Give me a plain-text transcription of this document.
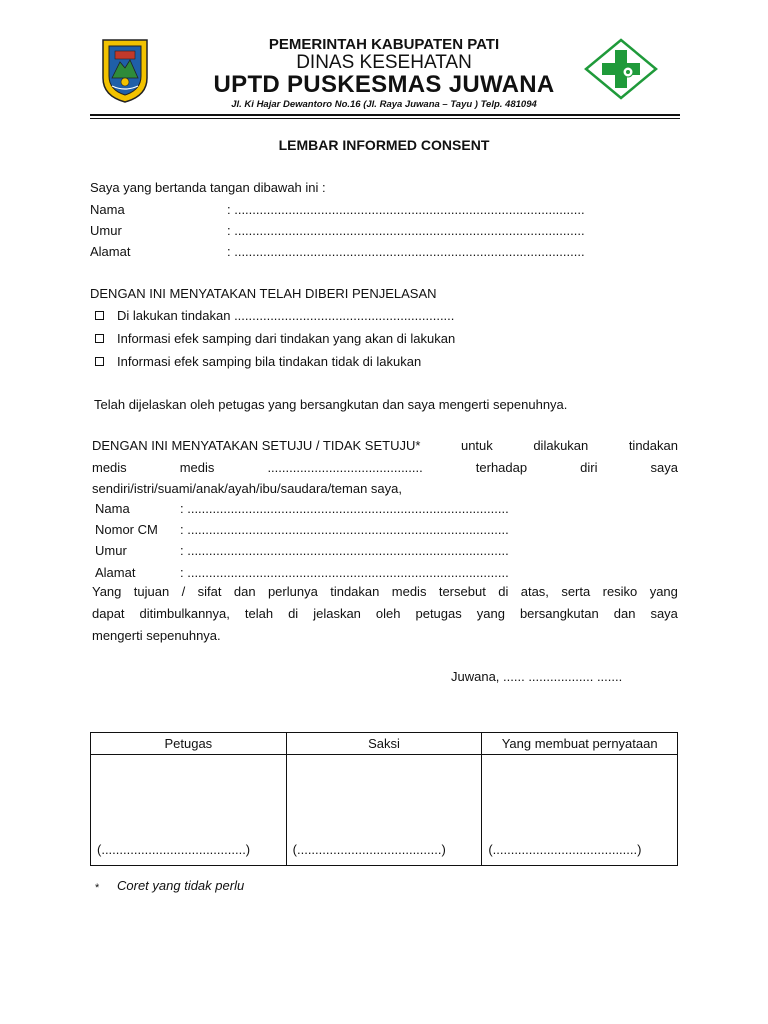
PEMERINTAH KABUPATEN PATI
DINAS KESEHATAN
UPTD PUSKESMAS JUWANA
Jl. Ki Hajar Dewantoro No.16 (Jl. Raya Juwana – Tayu ) Telp. 481094
LEMBAR INFORMED CONSENT
Saya yang bertanda tangan dibawah ini :
Nama	: .................................................................................................
Umur	: .................................................................................................
Alamat	: .................................................................................................
DENGAN INI MENYATAKAN TELAH DIBERI PENJELASAN
Di lakukan tindakan .............................................................
Informasi efek samping dari tindakan yang akan di lakukan
Informasi efek samping bila tindakan tidak di lakukan
Telah dijelaskan oleh petugas yang bersangkutan dan saya mengerti sepenuhnya.
DENGAN INI MENYATAKAN SETUJU / TIDAK SETUJU*	untuk	dilakukan	tindakan
medis	medis	...........................................	terhadap	diri	saya
sendiri/istri/suami/anak/ayah/ibu/saudara/teman saya,
Nama	: .........................................................................................
Nomor CM : .........................................................................................
Umur	: .........................................................................................
Alamat	: .........................................................................................
Yang tujuan / sifat dan perlunya tindakan medis tersebut di atas, serta resiko yang
dapat ditimbulkannya, telah di jelaskan oleh petugas yang bersangkutan dan saya
mengerti sepenuhnya.
Juwana, ...... .................. .......
Petugas	Saksi	Yang membuat pernyataan
(........................................)	(........................................)	(........................................)
* Coret yang tidak perlu
